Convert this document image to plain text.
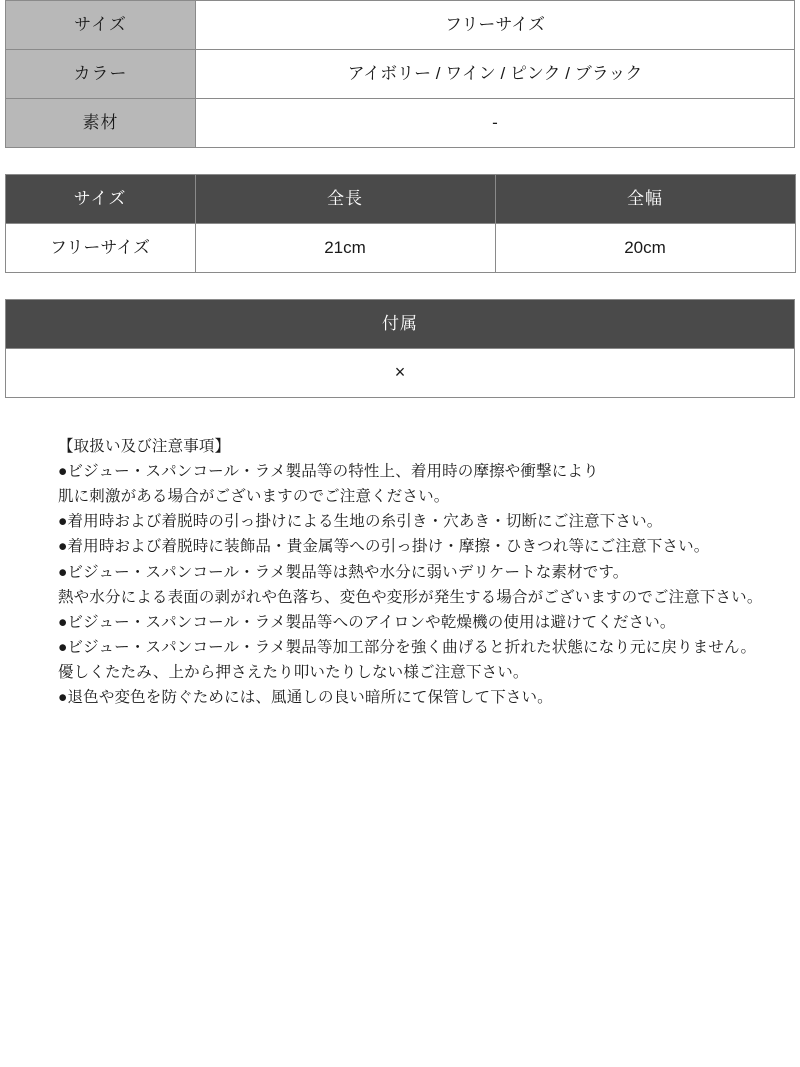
サイズ	フリーサイズ
カラー	アイボリー / ワイン / ピンク / ブラック
素材	-
サイズ	全長	全幅
フリーサイズ	21cm	20cm
付属
×
【取扱い及び注意事項】
●ビジュー・スパンコール・ラメ製品等の特性上、着用時の摩擦や衝撃により
肌に刺激がある場合がございますのでご注意ください。
●着用時および着脱時の引っ掛けによる生地の糸引き・穴あき・切断にご注意下さい。
●着用時および着脱時に装飾品・貴金属等への引っ掛け・摩擦・ひきつれ等にご注意下さい。
●ビジュー・スパンコール・ラメ製品等は熱や水分に弱いデリケートな素材です。
熱や水分による表面の剥がれや色落ち、変色や変形が発生する場合がございますのでご注意下さい。
●ビジュー・スパンコール・ラメ製品等へのアイロンや乾燥機の使用は避けてください。
●ビジュー・スパンコール・ラメ製品等加工部分を強く曲げると折れた状態になり元に戻りません。
優しくたたみ、上から押さえたり叩いたりしない様ご注意下さい。
●退色や変色を防ぐためには、風通しの良い暗所にて保管して下さい。
